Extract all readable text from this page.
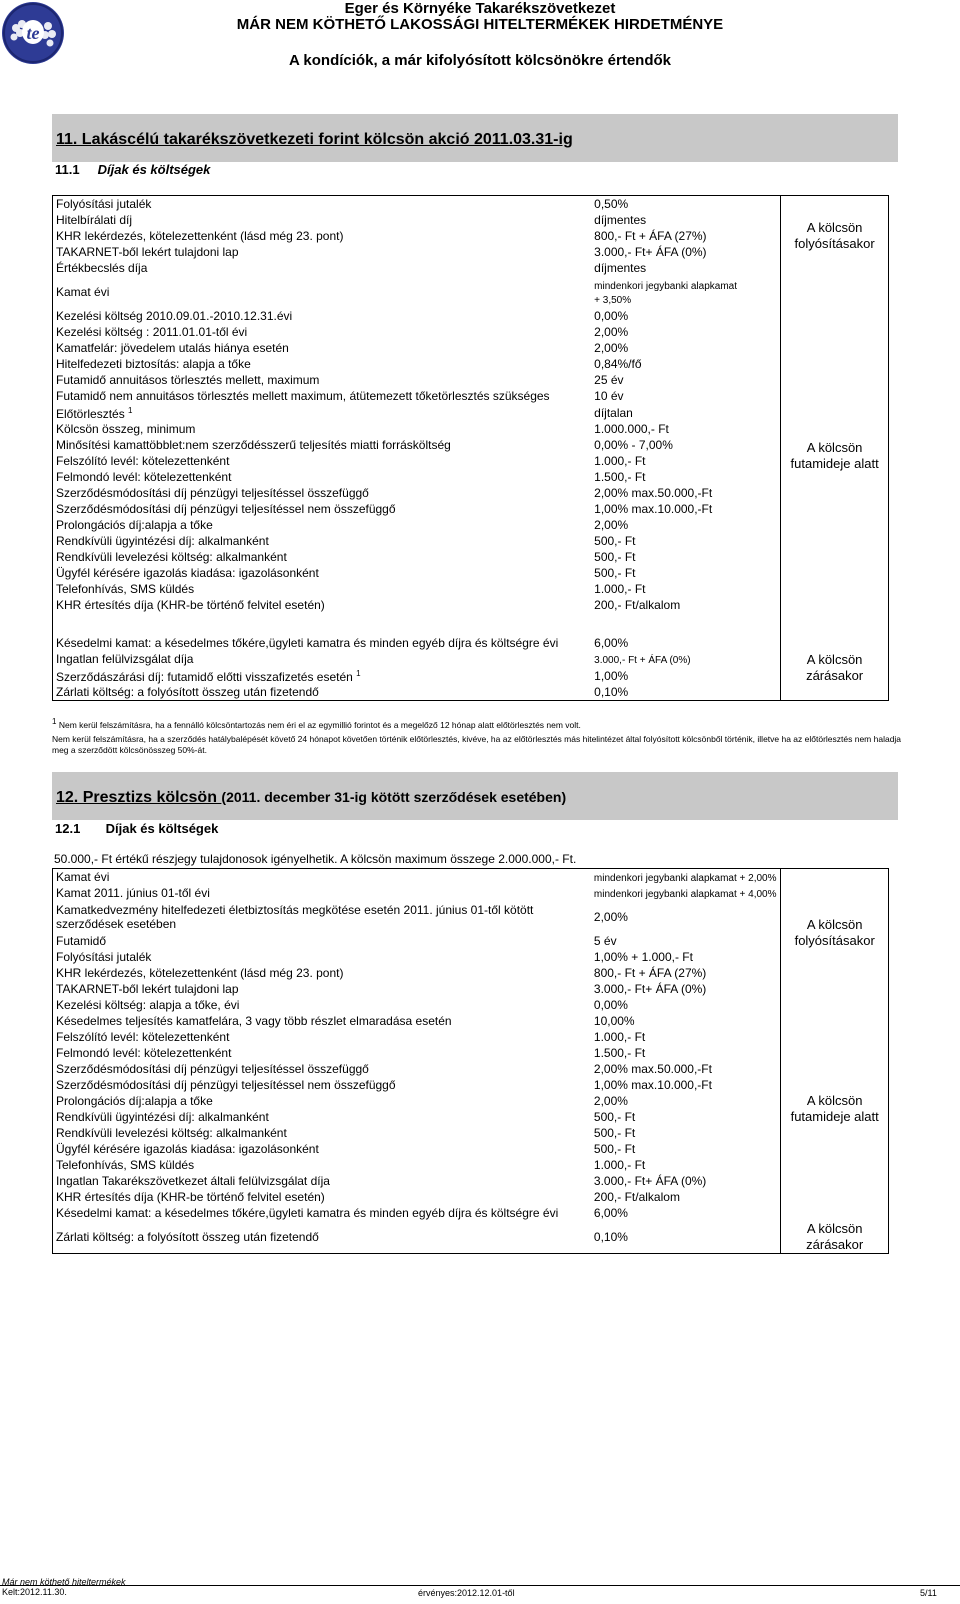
te
Eger és Környéke Takarékszövetkezet
MÁR NEM KÖTHETŐ LAKOSSÁGI HITELTERMÉKEK HIRDETMÉNYE
A kondíciók, a már kifolyósított kölcsönökre értendők
11. Lakáscélú takarékszövetkezeti forint kölcsön akció 2011.03.31-ig
11.1 Díjak és költségek
Folyósítási jutalék	0,50%	A kölcsön folyósításakor
Hitelbírálati díj	díjmentes	
KHR lekérdezés, kötelezettenként (lásd még 23. pont)	800,- Ft + ÁFA (27%)	
TAKARNET-ből lekért tulajdoni lap	3.000,- Ft+ ÁFA (0%)	
Értékbecslés díja	díjmentes	
Kamat évi	mindenkori jegybanki alapkamat
+ 3,50%	A kölcsön futamideje alatt
Kezelési költség 2010.09.01.-2010.12.31.évi	0,00%	
Kezelési költség : 2011.01.01-től évi	2,00%	
Kamatfelár: jövedelem utalás hiánya esetén	2,00%	
Hitelfedezeti biztosítás: alapja a tőke	0,84%/fő	
Futamidő annuitásos törlesztés mellett, maximum	25 év	
Futamidő nem annuitásos törlesztés mellett maximum, átütemezett tőketörlesztés szükséges	10 év	
Előtörlesztés $^1$	díjtalan	
Kölcsön összeg, minimum	1.000.000,- Ft	
Minősítési kamattöbblet:nem szerződésszerű teljesítés miatti forrásköltség	0,00% - 7,00%	
Felszólító levél: kötelezettenként	1.000,- Ft	
Felmondó levél: kötelezettenként	1.500,- Ft	
Szerződésmódosítási díj pénzügyi teljesítéssel összefüggő	2,00% max.50.000,-Ft	
Szerződésmódosítási díj pénzügyi teljesítéssel nem összefüggő	1,00% max.10.000,-Ft	
Prolongációs díj:alapja a tőke	2,00%	
Rendkívüli ügyintézési díj: alkalmanként	500,- Ft	
Rendkívüli levelezési költség: alkalmanként	500,- Ft	
Ügyfél kérésére igazolás kiadása: igazolásonként	500,- Ft	
Telefonhívás, SMS küldés	1.000,- Ft	
KHR értesítés díja (KHR-be történő felvitel esetén)	200,- Ft/alkalom	

Késedelmi kamat: a késedelmes tőkére,ügyleti kamatra és minden egyéb díjra és költségre évi	6,00%	A kölcsön zárásakor
Ingatlan felülvizsgálat díja	3.000,- Ft + ÁFA (0%)	
Szerződászárási díj: futamidő előtti visszafizetés esetén $^1$	1,00%	
Zárlati költség: a folyósított összeg után fizetendő	0,10%	
$^1$ Nem kerül felszámításra, ha a fennálló kölcsöntartozás nem éri el az egymillió forintot és a megelőző 12 hónap alatt előtörlesztés nem volt.
Nem kerül felszámításra, ha a szerződés hatálybalépését követő 24 hónapot követően történik előtörlesztés, kivéve, ha az előtörlesztés más hitelintézet által folyósított kölcsönből történik, illetve ha az előtörlesztés nem haladja meg a szerződött kölcsönösszeg 50%-át.
12. Presztizs kölcsön (2011. december 31-ig kötött szerződések esetében)
12.1 Díjak és költségek
50.000,- Ft értékű részjegy tulajdonosok igényelhetik. A kölcsön maximum összege 2.000.000,- Ft.
Kamat évi	mindenkori jegybanki alapkamat + 2,00%	A kölcsön folyósításakor
Kamat 2011. június 01-től évi	mindenkori jegybanki alapkamat + 4,00%	
Kamatkedvezmény hitelfedezeti életbiztosítás megkötése esetén 2011. június 01-től kötött
szerződések esetében	2,00%	
Futamidő	5 év	
Folyósítási jutalék	1,00% + 1.000,- Ft	
KHR lekérdezés, kötelezettenként (lásd még 23. pont)	800,- Ft + ÁFA (27%)	
TAKARNET-ből lekért tulajdoni lap	3.000,- Ft+ ÁFA (0%)	
Kezelési költség: alapja a tőke, évi	0,00%	A kölcsön futamideje alatt
Késedelmes teljesítés kamatfelára, 3 vagy több részlet elmaradása esetén	10,00%	
Felszólító levél: kötelezettenként	1.000,- Ft	
Felmondó levél: kötelezettenként	1.500,- Ft	
Szerződésmódosítási díj pénzügyi teljesítéssel összefüggő	2,00% max.50.000,-Ft	
Szerződésmódosítási díj pénzügyi teljesítéssel nem összefüggő	1,00% max.10.000,-Ft	
Prolongációs díj:alapja a tőke	2,00%	
Rendkívüli ügyintézési díj: alkalmanként	500,- Ft	
Rendkívüli levelezési költség: alkalmanként	500,- Ft	
Ügyfél kérésére igazolás kiadása: igazolásonként	500,- Ft	
Telefonhívás, SMS küldés	1.000,- Ft	
Ingatlan Takarékszövetkezet általi felülvizsgálat díja	3.000,- Ft+ ÁFA (0%)	
KHR értesítés díja (KHR-be történő felvitel esetén)	200,- Ft/alkalom	
Késedelmi kamat: a késedelmes tőkére,ügyleti kamatra és minden egyéb díjra és költségre évi	6,00%	
Zárlati költség: a folyósított összeg után fizetendő	0,10%	A kölcsön zárásakor
Már nem köthető hiteltermékek
Kelt:2012.11.30.	érvényes:2012.12.01-től	5/11
